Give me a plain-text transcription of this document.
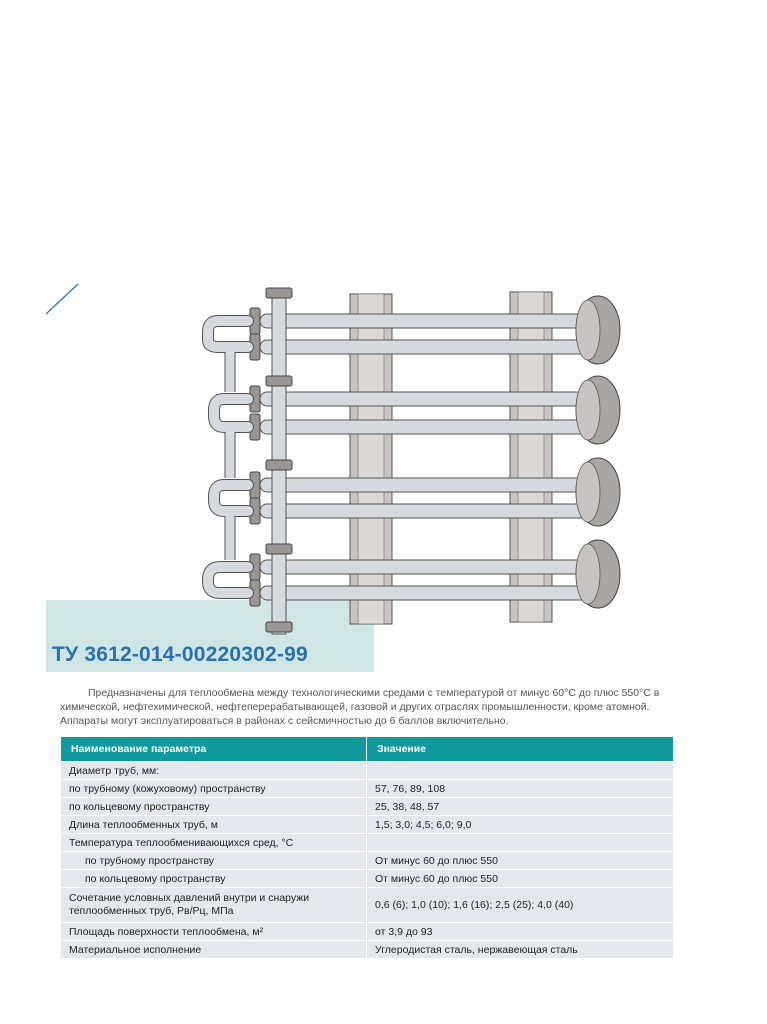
ТУ 3612-014-00220302-99

Предназначены для теплообмена между технологическими средами с температурой от минус 60°С до плюс 550°С в химической, нефтехимической, нефтеперерабатывающей, газовой и других отраслях промышленности, кроме атомной. Аппараты могут эксплуатироваться в районах с сейсмичностью до 6 баллов включительно.

Наименование параметра	Значение
Диаметр труб, мм:	
по трубному (кожуховому) пространству	57, 76, 89, 108
по кольцевому пространству	25, 38, 48, 57
Длина теплообменных труб, м	1,5; 3,0; 4,5; 6,0; 9,0
Температура теплообменивающихся сред, °С	
по трубному пространству	От минус 60 до плюс 550
по кольцевому пространству	От минус 60 до плюс 550
Сочетание условных давлений внутри и снаружи теплообменных труб, Рв/Рц, МПа	0,6 (6); 1,0 (10); 1,6 (16); 2,5 (25); 4,0 (40)
Площадь поверхности теплообмена, м²	от 3,9 до 93
Материальное исполнение	Углеродистая сталь, нержавеющая сталь
